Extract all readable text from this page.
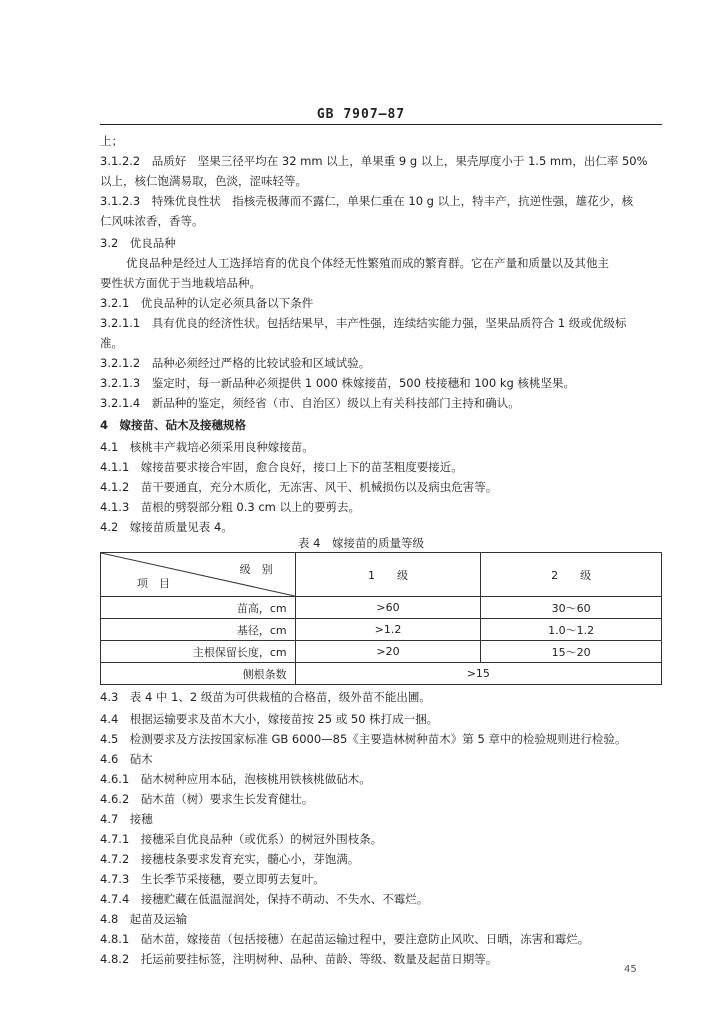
GB 7907—87
上；
3.1.2.2　品质好　坚果三径平均在 32 mm 以上，单果重 9 g 以上，果壳厚度小于 1.5 mm，出仁率 50%
以上，核仁饱满易取，色淡，涩味轻等。
3.1.2.3　特殊优良性状　指核壳极薄而不露仁，单果仁重在 10 g 以上，特丰产，抗逆性强，雄花少，核
仁风味浓香，香等。
3.2　优良品种
优良品种是经过人工选择培育的优良个体经无性繁殖而成的繁育群。它在产量和质量以及其他主
要性状方面优于当地栽培品种。
3.2.1　优良品种的认定必须具备以下条件
3.2.1.1　具有优良的经济性状。包括结果早，丰产性强，连续结实能力强，坚果品质符合 1 级或优级标
准。
3.2.1.2　品种必须经过严格的比较试验和区域试验。
3.2.1.3　鉴定时，每一新品种必须提供 1 000 株嫁接苗，500 枝接穗和 100 kg 核桃坚果。
3.2.1.4　新品种的鉴定，须经省（市、自治区）级以上有关科技部门主持和确认。
4　嫁接苗、砧木及接穗规格
4.1　核桃丰产栽培必须采用良种嫁接苗。
4.1.1　嫁接苗要求接合牢固，愈合良好，接口上下的苗茎粗度要接近。
4.1.2　苗干要通直，充分木质化，无冻害、风干、机械损伤以及病虫危害等。
4.1.3　苗根的劈裂部分粗 0.3 cm 以上的要剪去。
4.2　嫁接苗质量见表 4。
表 4　嫁接苗的质量等级
级　别
项　目	1　　级	2　　级
苗高，cm	>60	30～60
基径，cm	>1.2	1.0～1.2
主根保留长度，cm	>20	15～20
侧根条数	>15	
4.3　表 4 中 1、2 级苗为可供栽植的合格苗，级外苗不能出圃。
4.4　根据运输要求及苗木大小，嫁接苗按 25 或 50 株打成一捆。
4.5　检测要求及方法按国家标准 GB 6000—85《主要造林树种苗木》第 5 章中的检验规则进行检验。
4.6　砧木
4.6.1　砧木树种应用本砧，泡核桃用铁核桃做砧木。
4.6.2　砧木苗（树）要求生长发育健壮。
4.7　接穗
4.7.1　接穗采自优良品种（或优系）的树冠外围枝条。
4.7.2　接穗枝条要求发育充实，髓心小，芽饱满。
4.7.3　生长季节采接穗，要立即剪去复叶。
4.7.4　接穗贮藏在低温湿润处，保持不萌动、不失水、不霉烂。
4.8　起苗及运输
4.8.1　砧木苗，嫁接苗（包括接穗）在起苗运输过程中，要注意防止风吹、日晒，冻害和霉烂。
4.8.2　托运前要挂标签，注明树种、品种、苗龄、等级、数量及起苗日期等。
45
